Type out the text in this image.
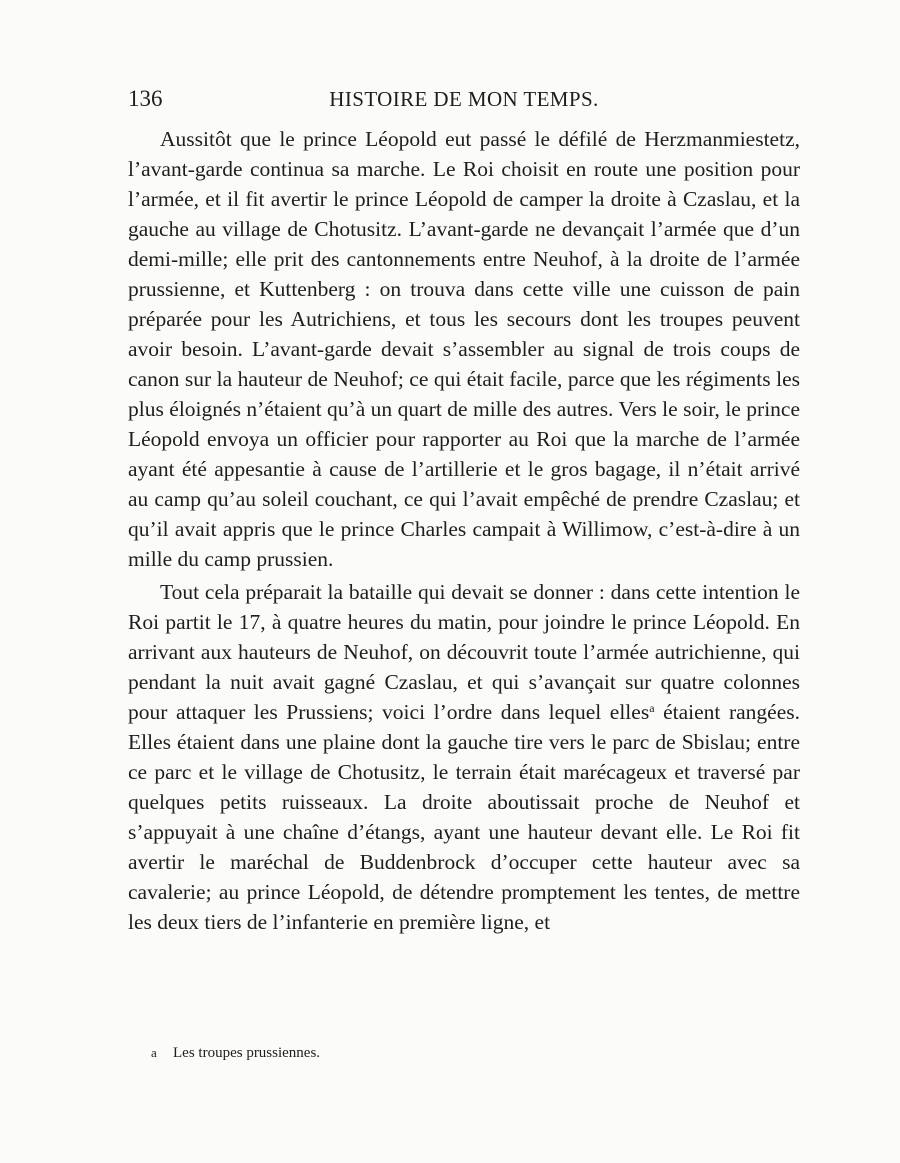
136	HISTOIRE DE MON TEMPS.

Aussitôt que le prince Léopold eut passé le défilé de Herzmanmiestetz, l’avant-garde continua sa marche. Le Roi choisit en route une position pour l’armée, et il fit avertir le prince Léopold de camper la droite à Czaslau, et la gauche au village de Chotusitz. L’avant-garde ne devançait l’armée que d’un demi-mille; elle prit des cantonnements entre Neuhof, à la droite de l’armée prussienne, et Kuttenberg : on trouva dans cette ville une cuisson de pain préparée pour les Autrichiens, et tous les secours dont les troupes peuvent avoir besoin. L’avant-garde devait s’assembler au signal de trois coups de canon sur la hauteur de Neuhof; ce qui était facile, parce que les régiments les plus éloignés n’étaient qu’à un quart de mille des autres. Vers le soir, le prince Léopold envoya un officier pour rapporter au Roi que la marche de l’armée ayant été appesantie à cause de l’artillerie et le gros bagage, il n’était arrivé au camp qu’au soleil couchant, ce qui l’avait empêché de prendre Czaslau; et qu’il avait appris que le prince Charles campait à Willimow, c’est-à-dire à un mille du camp prussien.

Tout cela préparait la bataille qui devait se donner : dans cette intention le Roi partit le 17, à quatre heures du matin, pour joindre le prince Léopold. En arrivant aux hauteurs de Neuhof, on découvrit toute l’armée autrichienne, qui pendant la nuit avait gagné Czaslau, et qui s’avançait sur quatre colonnes pour attaquer les Prussiens; voici l’ordre dans lequel elles$^a$ étaient rangées. Elles étaient dans une plaine dont la gauche tire vers le parc de Sbislau; entre ce parc et le village de Chotusitz, le terrain était marécageux et traversé par quelques petits ruisseaux. La droite aboutissait proche de Neuhof et s’appuyait à une chaîne d’étangs, ayant une hauteur devant elle. Le Roi fit avertir le maréchal de Buddenbrock d’occuper cette hauteur avec sa cavalerie; au prince Léopold, de détendre promptement les tentes, de mettre les deux tiers de l’infanterie en première ligne, et

a Les troupes prussiennes.
